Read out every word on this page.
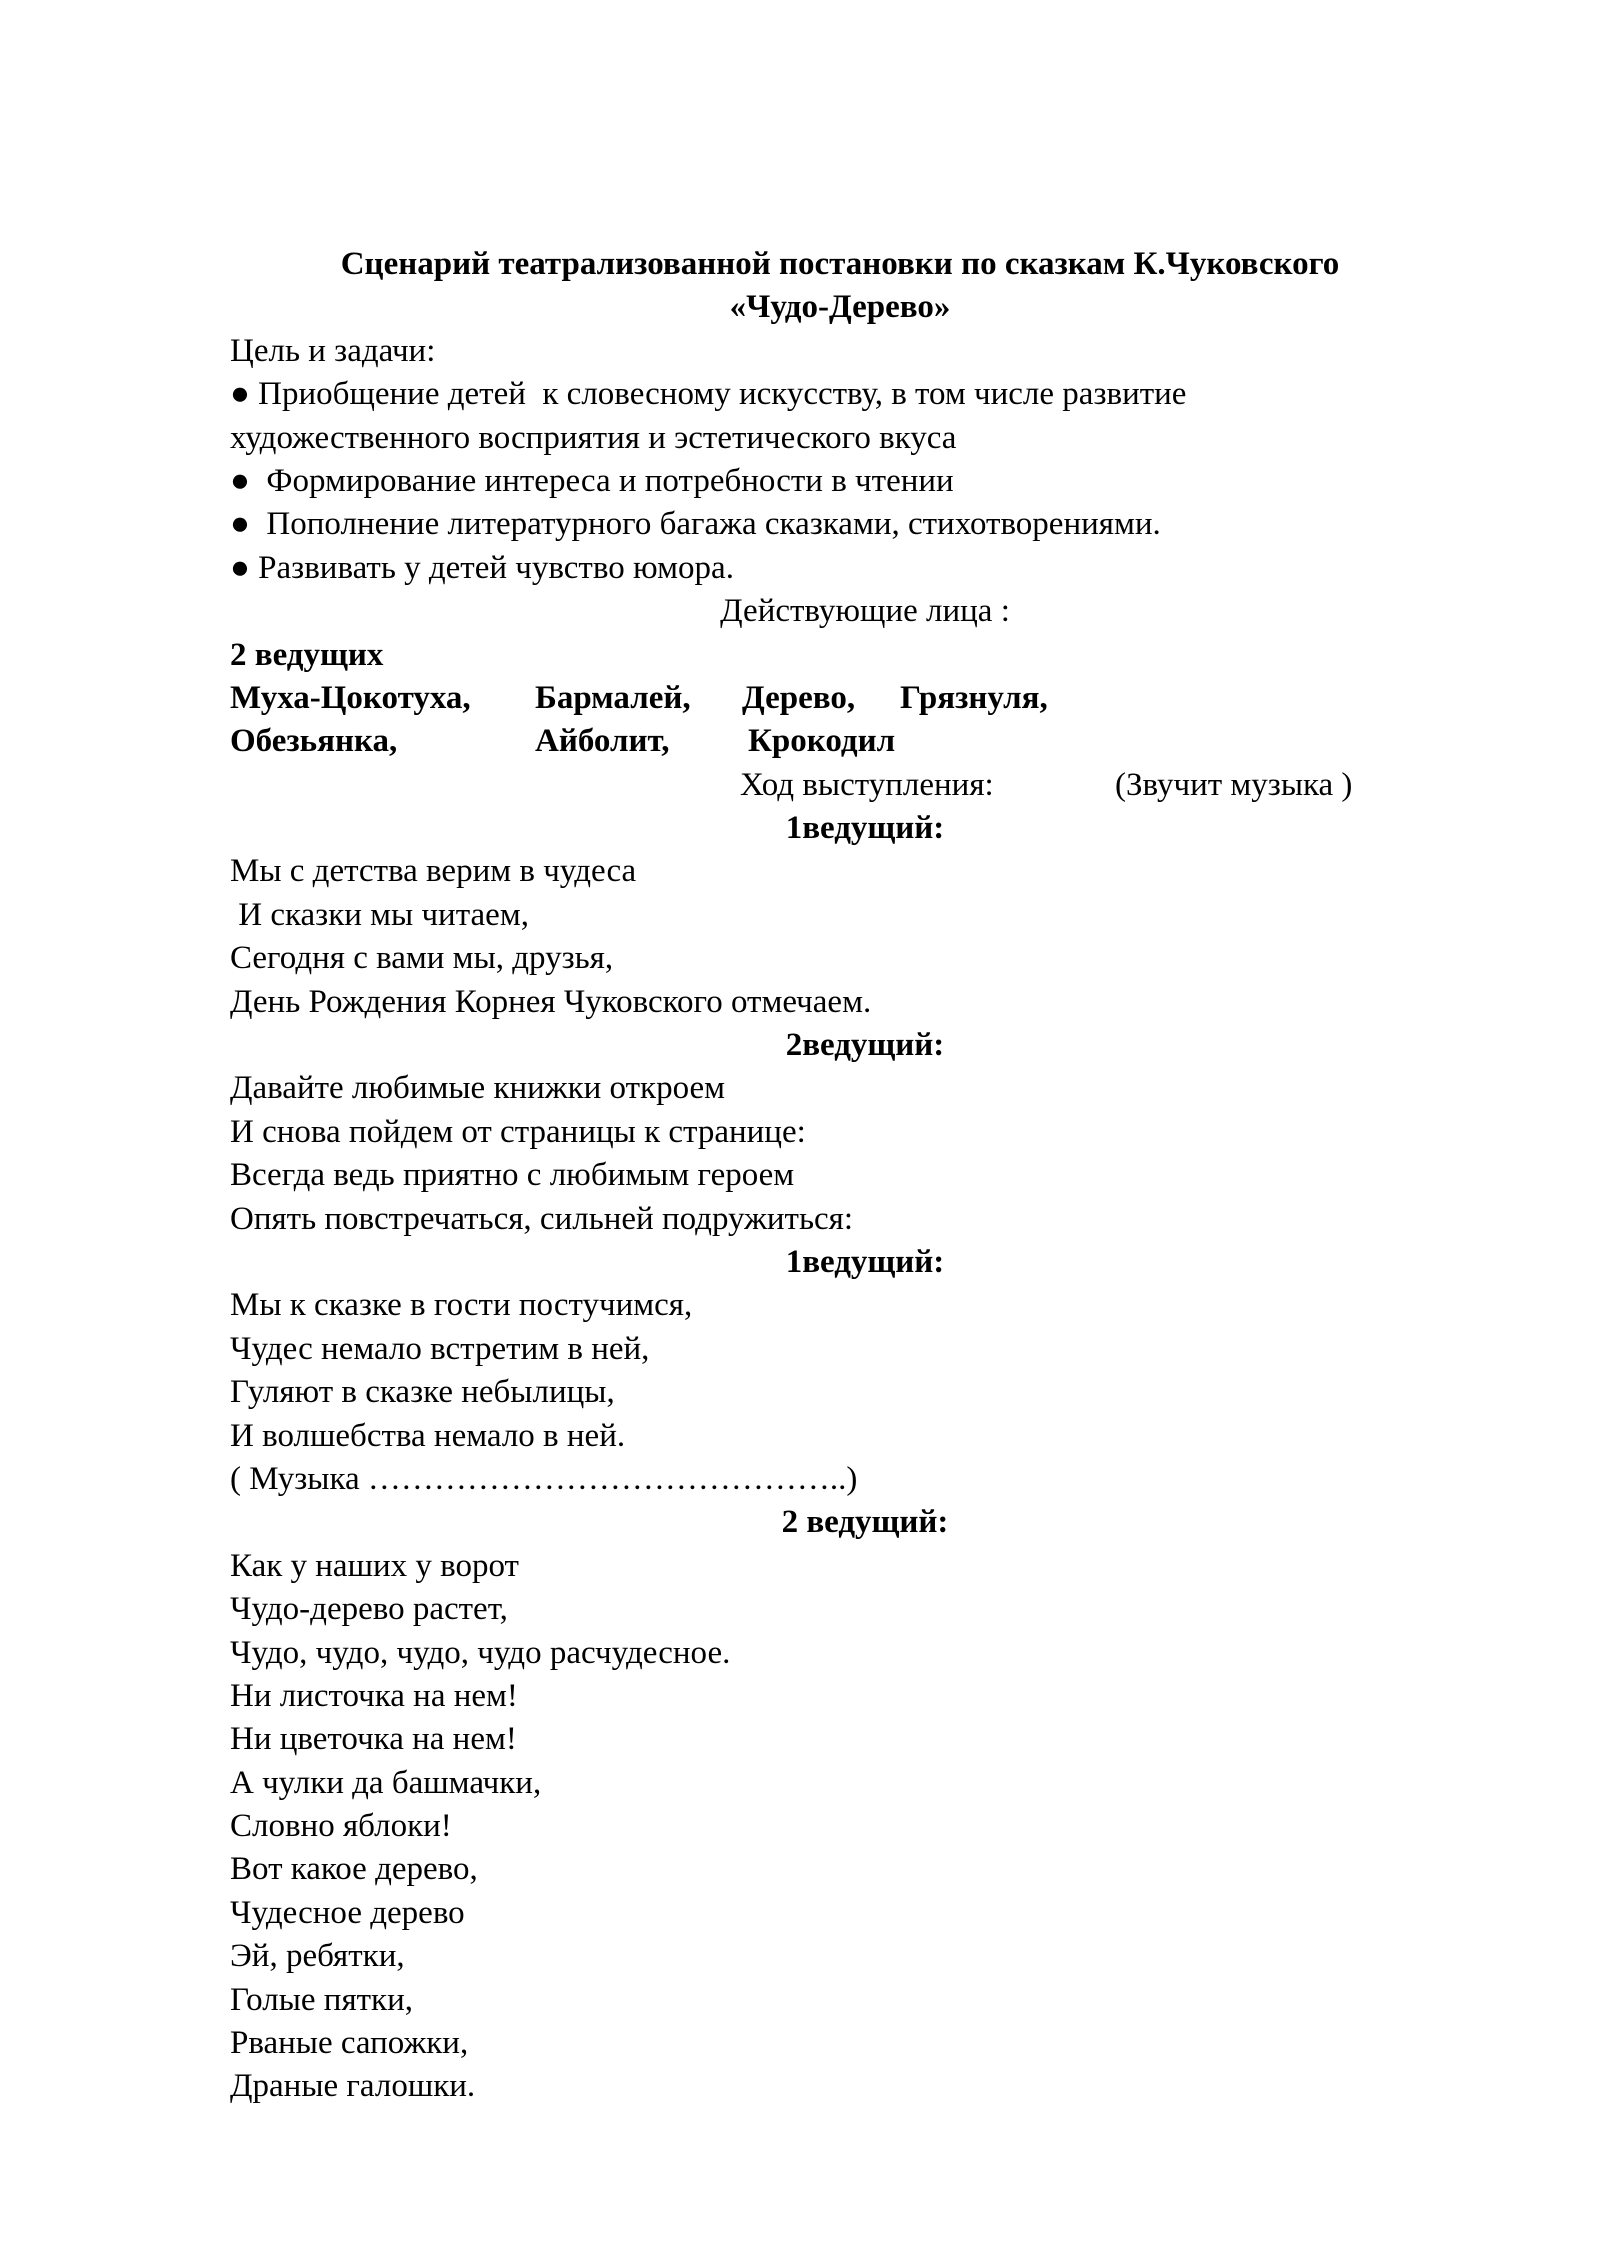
Сценарий театрализованной постановки по сказкам К.Чуковского
«Чудо-Дерево»
Цель и задачи:
● Приобщение детей  к словесному искусству, в том числе развитие
художественного восприятия и эстетического вкуса
●  Формирование интереса и потребности в чтении
●  Пополнение литературного багажа сказками, стихотворениями.
● Развивать у детей чувство юмора.
Действующие лица :
2 ведущих

Муха-Цокотуха,

Бармалей,

Дерево,

Грязнуля,

Обезьянка,

	Айболит,

Крокодил

Ход выступления:

	(Звучит музыка )

1ведущий:
Мы с детства верим в чудеса
И сказки мы читаем,
Сегодня с вами мы, друзья,
День Рождения Корнея Чуковского отмечаем.
2ведущий:
Давайте любимые книжки откроем
И снова пойдем от страницы к странице:
Всегда ведь приятно с любимым героем
Опять повстречаться, сильней подружиться:
1ведущий:
Мы к сказке в гости постучимся,
Чудес немало встретим в ней,
Гуляют в сказке небылицы,
И волшебства немало в ней.
( Музыка ……………………………………..)
2 ведущий:
Как у наших у ворот
Чудо-дерево растет,
Чудо, чудо, чудо, чудо расчудесное.
Ни листочка на нем!
Ни цветочка на нем!
А чулки да башмачки,
Словно яблоки!
Вот какое дерево,
Чудесное дерево
Эй, ребятки,
Голые пятки,
Рваные сапожки,
Драные галошки.
